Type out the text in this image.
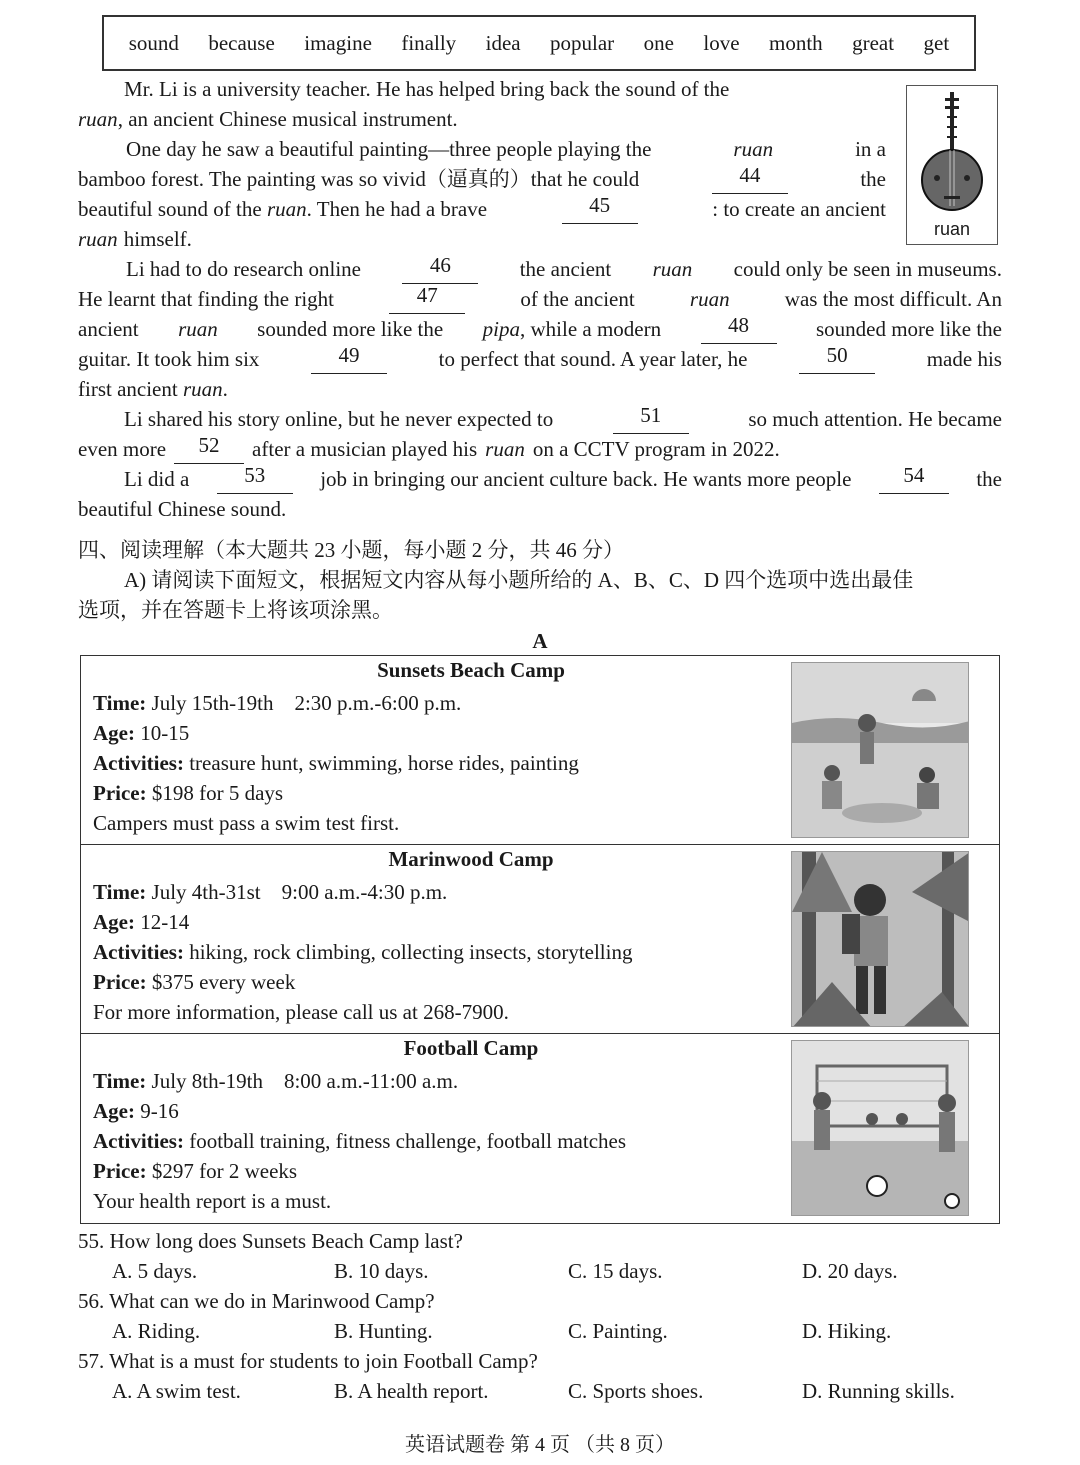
sound because imagine finally idea popular one love month great get
ruan
Mr. Li is a university teacher. He has helped bring back the sound of the
ruan , an ancient Chinese musical instrument.
One day he saw a beautiful painting—three people playing the	ruan	in a
bamboo forest. The painting was so vivid（逼真的）that he could	44	the
beautiful sound of the ruan. Then he had a brave	45	: to create an ancient
ruan himself.
Li had to do research online	46	the ancient ruan could only be seen in museums.
He learnt that finding the right	47	of the ancient	ruan	was the most difficult. An
ancient ruan sounded more like the pipa, while a modern	48	sounded more like the
guitar. It took him six	49	to perfect that sound. A year later, he	50	made his
first ancient
ruan .
Li shared his story online, but he never expected to	51	so much attention. He became
even more	52	after a musician played his ruan on a CCTV program in 2022.
Li did a	53	job in bringing our ancient culture back. He wants more people	54	the
beautiful Chinese sound.
四、阅读理解（本大题共 23 小题，每小题 2 分，共 46 分）
A) 请阅读下面短文，根据短文内容从每小题所给的 A、B、C、D 四个选项中选出最佳
选项，并在答题卡上将该项涂黑。
A
Sunsets Beach Camp
Time: July 15th-19th    2:30 p.m.-6:00 p.m.
Age: 10-15
Activities: treasure hunt, swimming, horse rides, painting
Price: $198 for 5 days
Campers must pass a swim test first.
Marinwood Camp
Time: July 4th-31st    9:00 a.m.-4:30 p.m.
Age: 12-14
Activities: hiking, rock climbing, collecting insects, storytelling
Price: $375 every week
For more information, please call us at 268-7900.
Football Camp
Time: July 8th-19th    8:00 a.m.-11:00 a.m.
Age: 9-16
Activities: football training, fitness challenge, football matches
Price: $297 for 2 weeks
Your health report is a must.
55. How long does Sunsets Beach Camp last?
A. 5 days.	B. 10 days.	C. 15 days.	D. 20 days.
56. What can we do in Marinwood Camp?
A. Riding.	B. Hunting.	C. Painting.	D. Hiking.
57. What is a must for students to join Football Camp?
A. A swim test.	B. A health report.	C. Sports shoes.	D. Running skills.
英语试题卷 第 4 页 （共 8 页）
